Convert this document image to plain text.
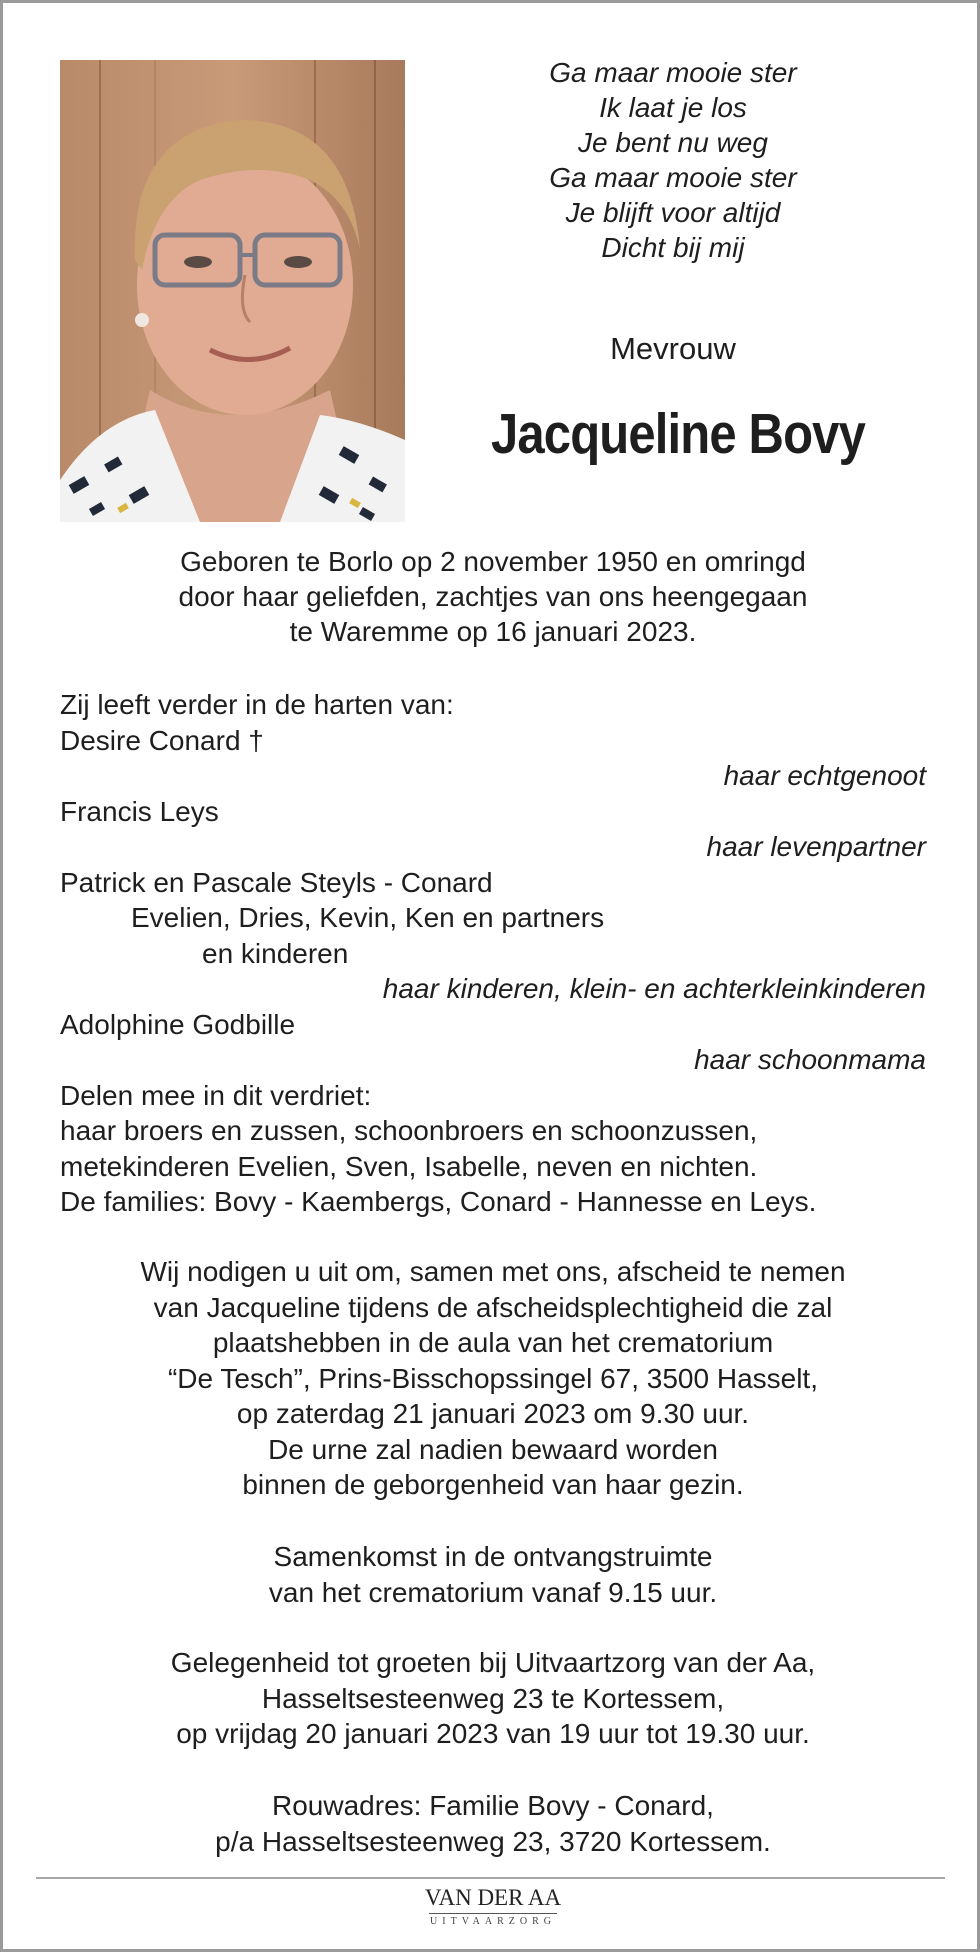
Ga maar mooie ster
Ik laat je los
Je bent nu weg
Ga maar mooie ster
Je blijft voor altijd
Dicht bij mij
Mevrouw
Jacqueline Bovy
Geboren te Borlo op 2 november 1950 en omringd
door haar geliefden, zachtjes van ons heengegaan
te Waremme op 16 januari 2023.
Zij leeft verder in de harten van:
Desire Conard †
haar echtgenoot
Francis Leys
haar levenpartner
Patrick en Pascale Steyls - Conard
Evelien, Dries, Kevin, Ken en partners
en kinderen
haar kinderen, klein- en achterkleinkinderen
Adolphine Godbille
haar schoonmama
Delen mee in dit verdriet:
haar broers en zussen, schoonbroers en schoonzussen,
metekinderen Evelien, Sven, Isabelle, neven en nichten.
De families: Bovy - Kaembergs, Conard - Hannesse en Leys.
Wij nodigen u uit om, samen met ons, afscheid te nemen
van Jacqueline tijdens de afscheidsplechtigheid die zal
plaatshebben in de aula van het crematorium
“De Tesch”, Prins-Bisschopssingel 67, 3500 Hasselt,
op zaterdag 21 januari 2023 om 9.30 uur.
De urne zal nadien bewaard worden
binnen de geborgenheid van haar gezin.
Samenkomst in de ontvangstruimte
van het crematorium vanaf 9.15 uur.
Gelegenheid tot groeten bij Uitvaartzorg van der Aa,
Hasseltsesteenweg 23 te Kortessem,
op vrijdag 20 januari 2023 van 19 uur tot 19.30 uur.
Rouwadres: Familie Bovy - Conard,
p/a Hasseltsesteenweg 23, 3720 Kortessem.
VAN DER AA
UITVAARZORG
